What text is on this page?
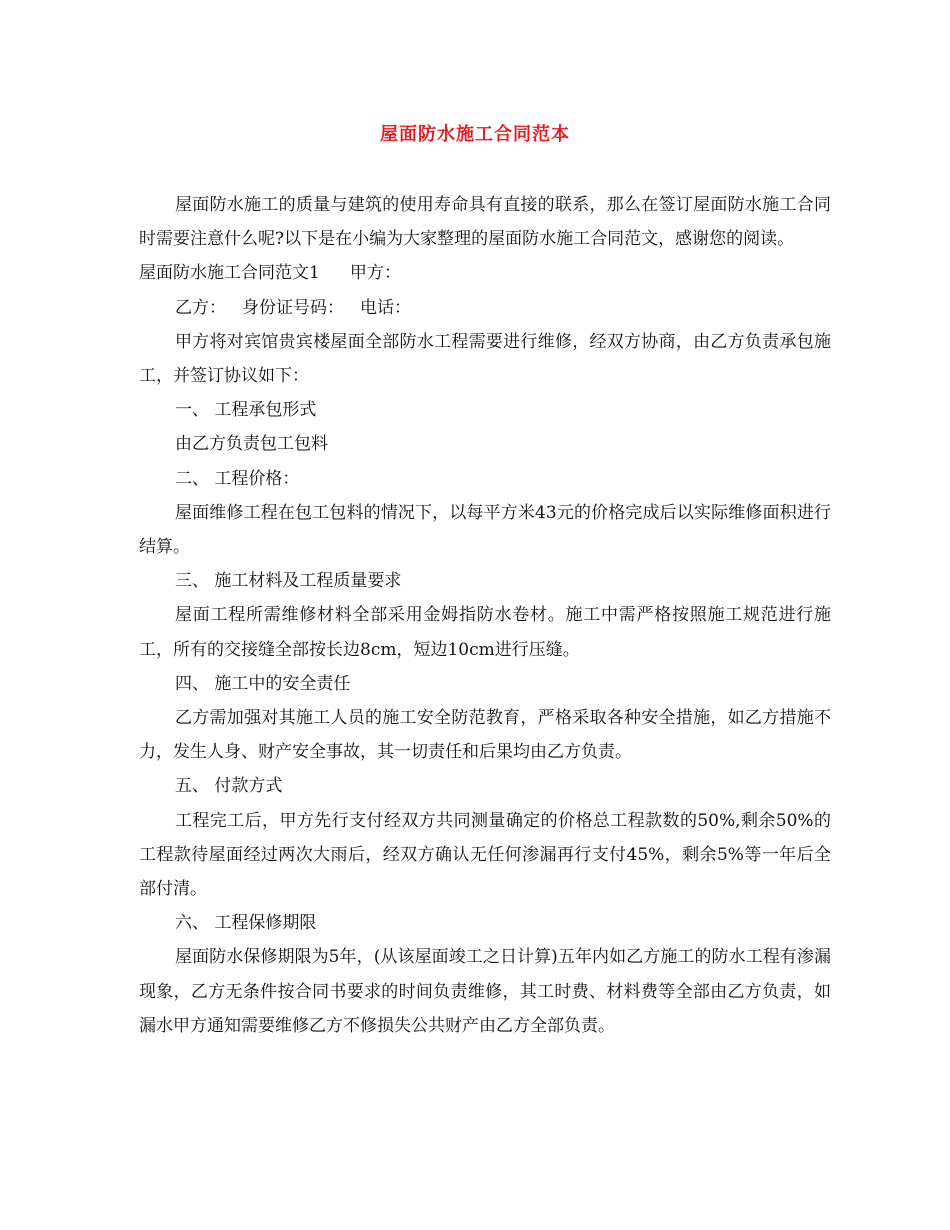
屋面防水施工合同范本

屋面防水施工的质量与建筑的使用寿命具有直接的联系，那么在签订屋面防水施工合同时需要注意什么呢?以下是在小编为大家整理的屋面防水施工合同范文，感谢您的阅读。

屋面防水施工合同范文1 甲方：

乙方： 身份证号码： 电话：

甲方将对宾馆贵宾楼屋面全部防水工程需要进行维修，经双方协商，由乙方负责承包施工，并签订协议如下：

一、 工程承包形式

由乙方负责包工包料

二、 工程价格：

屋面维修工程在包工包料的情况下，以每平方米43元的价格完成后以实际维修面积进行结算。

三、 施工材料及工程质量要求

屋面工程所需维修材料全部采用金姆指防水卷材。施工中需严格按照施工规范进行施工，所有的交接缝全部按长边8cm，短边10cm进行压缝。

四、 施工中的安全责任

乙方需加强对其施工人员的施工安全防范教育，严格采取各种安全措施，如乙方措施不力，发生人身、财产安全事故，其一切责任和后果均由乙方负责。

五、 付款方式

工程完工后，甲方先行支付经双方共同测量确定的价格总工程款数的50%,剩余50%的工程款待屋面经过两次大雨后，经双方确认无任何渗漏再行支付45%，剩余5%等一年后全部付清。

六、 工程保修期限

屋面防水保修期限为5年，(从该屋面竣工之日计算)五年内如乙方施工的防水工程有渗漏现象，乙方无条件按合同书要求的时间负责维修，其工时费、材料费等全部由乙方负责，如漏水甲方通知需要维修乙方不修损失公共财产由乙方全部负责。
